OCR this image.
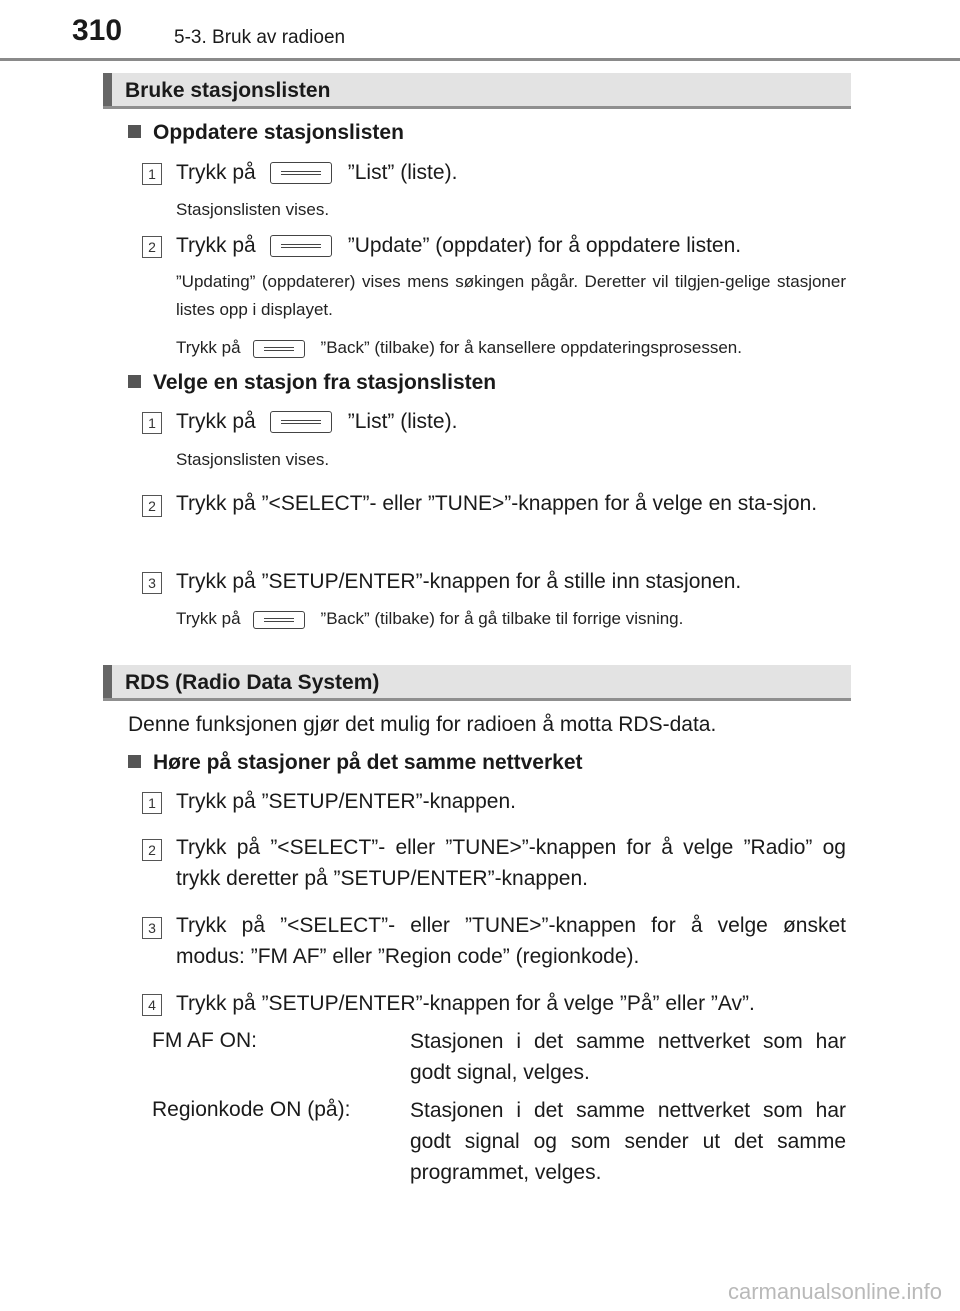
310	5-3. Bruk av radioen
Bruke stasjonslisten
Oppdatere stasjonslisten
1 Trykk på	”List” (liste).
Stasjonslisten vises.
2 Trykk på	”Update” (oppdater) for å oppdatere listen.
”Updating” (oppdaterer) vises mens søkingen pågår. Deretter vil tilgjen-gelige stasjoner listes opp i displayet.
Trykk på	”Back” (tilbake) for å kansellere oppdateringsprosessen.
Velge en stasjon fra stasjonslisten
1 Trykk på	”List” (liste).
Stasjonslisten vises.
2 Trykk på ”<SELECT”- eller ”TUNE>”-knappen for å velge en sta-sjon.
3 Trykk på ”SETUP/ENTER”-knappen for å stille inn stasjonen.
Trykk på	”Back” (tilbake) for å gå tilbake til forrige visning.
RDS (Radio Data System)
Denne funksjonen gjør det mulig for radioen å motta RDS-data.
Høre på stasjoner på det samme nettverket
1 Trykk på ”SETUP/ENTER”-knappen.
2 Trykk på ”<SELECT”- eller ”TUNE>”-knappen for å velge ”Radio” og trykk deretter på ”SETUP/ENTER”-knappen.
3 Trykk på ”<SELECT”- eller ”TUNE>”-knappen for å velge ønsket modus: ”FM AF” eller ”Region code” (regionkode).
4 Trykk på ”SETUP/ENTER”-knappen for å velge ”På” eller ”Av”.
FM AF ON:	Stasjonen i det samme nettverket som har godt signal, velges.
Regionkode ON (på):	Stasjonen i det samme nettverket som har godt signal og som sender ut det samme programmet, velges.
carmanualsonline.info
